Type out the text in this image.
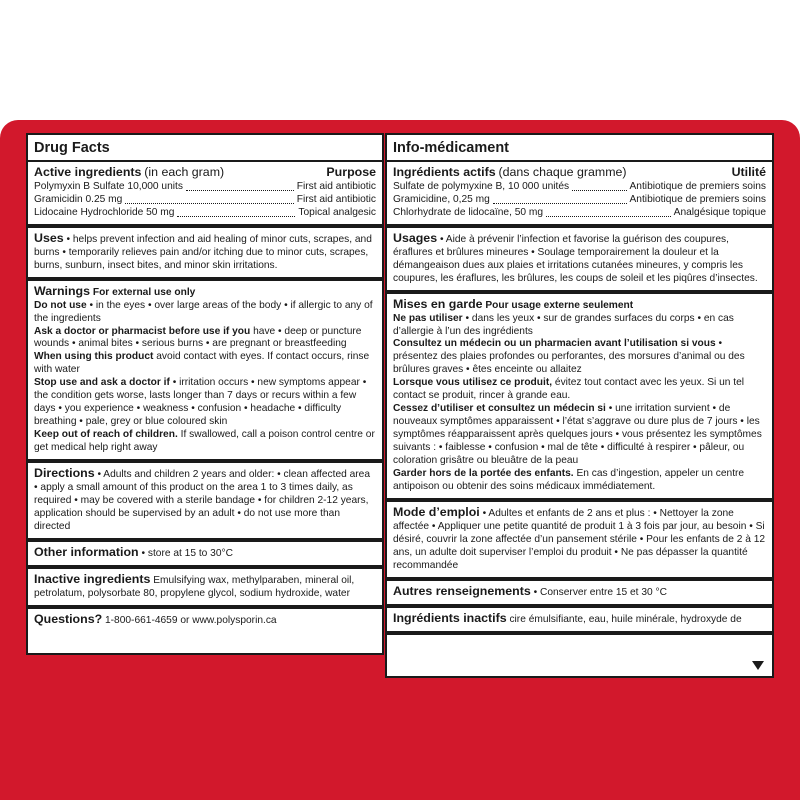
Drug Facts
Active ingredients (in each gram)	Purpose
Polymyxin B Sulfate 10,000 units	First aid antibiotic
Gramicidin 0.25 mg	First aid antibiotic
Lidocaine Hydrochloride 50 mg	Topical analgesic

Uses • helps prevent infection and aid healing of minor cuts, scrapes, and burns • temporarily relieves pain and/or itching due to minor cuts, scrapes, burns, sunburn, insect bites, and minor skin irritations.

Warnings For external use only

Do not use • in the eyes • over large areas of the body • if allergic to any of the ingredients

Ask a doctor or pharmacist before use if you have • deep or puncture wounds • animal bites • serious burns • are pregnant or breastfeeding

When using this product avoid contact with eyes. If contact occurs, rinse with water

Stop use and ask a doctor if • irritation occurs • new symptoms appear • the condition gets worse, lasts longer than 7 days or recurs within a few days • you experience • weakness • confusion • headache • difficulty breathing • pale, grey or blue coloured skin

Keep out of reach of children. If swallowed, call a poison control centre or get medical help right away

Directions • Adults and children 2 years and older: • clean affected area • apply a small amount of this product on the area 1 to 3 times daily, as required • may be covered with a sterile bandage • for children 2-12 years, application should be supervised by an adult • do not use more than directed

Other information • store at 15 to 30°C

Inactive ingredients Emulsifying wax, methylparaben, mineral oil, petrolatum, polysorbate 80, propylene glycol, sodium hydroxide, water

Questions? 1-800-661-4659 or www.polysporin.ca

Info-médicament
Ingrédients actifs (dans chaque gramme)	Utilité
Sulfate de polymyxine B, 10 000 unités	Antibiotique de premiers soins
Gramicidine, 0,25 mg	Antibiotique de premiers soins
Chlorhydrate de lidocaïne, 50 mg	Analgésique topique

Usages • Aide à prévenir l’infection et favorise la guérison des coupures, éraflures et brûlures mineures • Soulage temporairement la douleur et la démangeaison dues aux plaies et irritations cutanées mineures, y compris les coupures, les éraflures, les brûlures, les coups de soleil et les piqûres d’insectes.

Mises en garde Pour usage externe seulement

Ne pas utiliser • dans les yeux • sur de grandes surfaces du corps • en cas d’allergie à l’un des ingrédients

Consultez un médecin ou un pharmacien avant l’utilisation si vous • présentez des plaies profondes ou perforantes, des morsures d’animal ou des brûlures graves • êtes enceinte ou allaitez

Lorsque vous utilisez ce produit, évitez tout contact avec les yeux. Si un tel contact se produit, rincer à grande eau.

Cessez d’utiliser et consultez un médecin si • une irritation survient • de nouveaux symptômes apparaissent • l’état s’aggrave ou dure plus de 7 jours • les symptômes réapparaissent après quelques jours • vous présentez les symptômes suivants : • faiblesse • confusion • mal de tête • difficulté à respirer • pâleur, ou coloration grisâtre ou bleuâtre de la peau

Garder hors de la portée des enfants. En cas d’ingestion, appeler un centre antipoison ou obtenir des soins médicaux immédiatement.

Mode d’emploi • Adultes et enfants de 2 ans et plus : • Nettoyer la zone affectée • Appliquer une petite quantité de produit 1 à 3 fois par jour, au besoin • Si désiré, couvrir la zone affectée d’un pansement stérile • Pour les enfants de 2 à 12 ans, un adulte doit superviser l’emploi du produit • Ne pas dépasser la quantité recommandée

Autres renseignements • Conserver entre 15 et 30 °C

Ingrédients inactifs cire émulsifiante, eau, huile minérale, hydroxyde de
